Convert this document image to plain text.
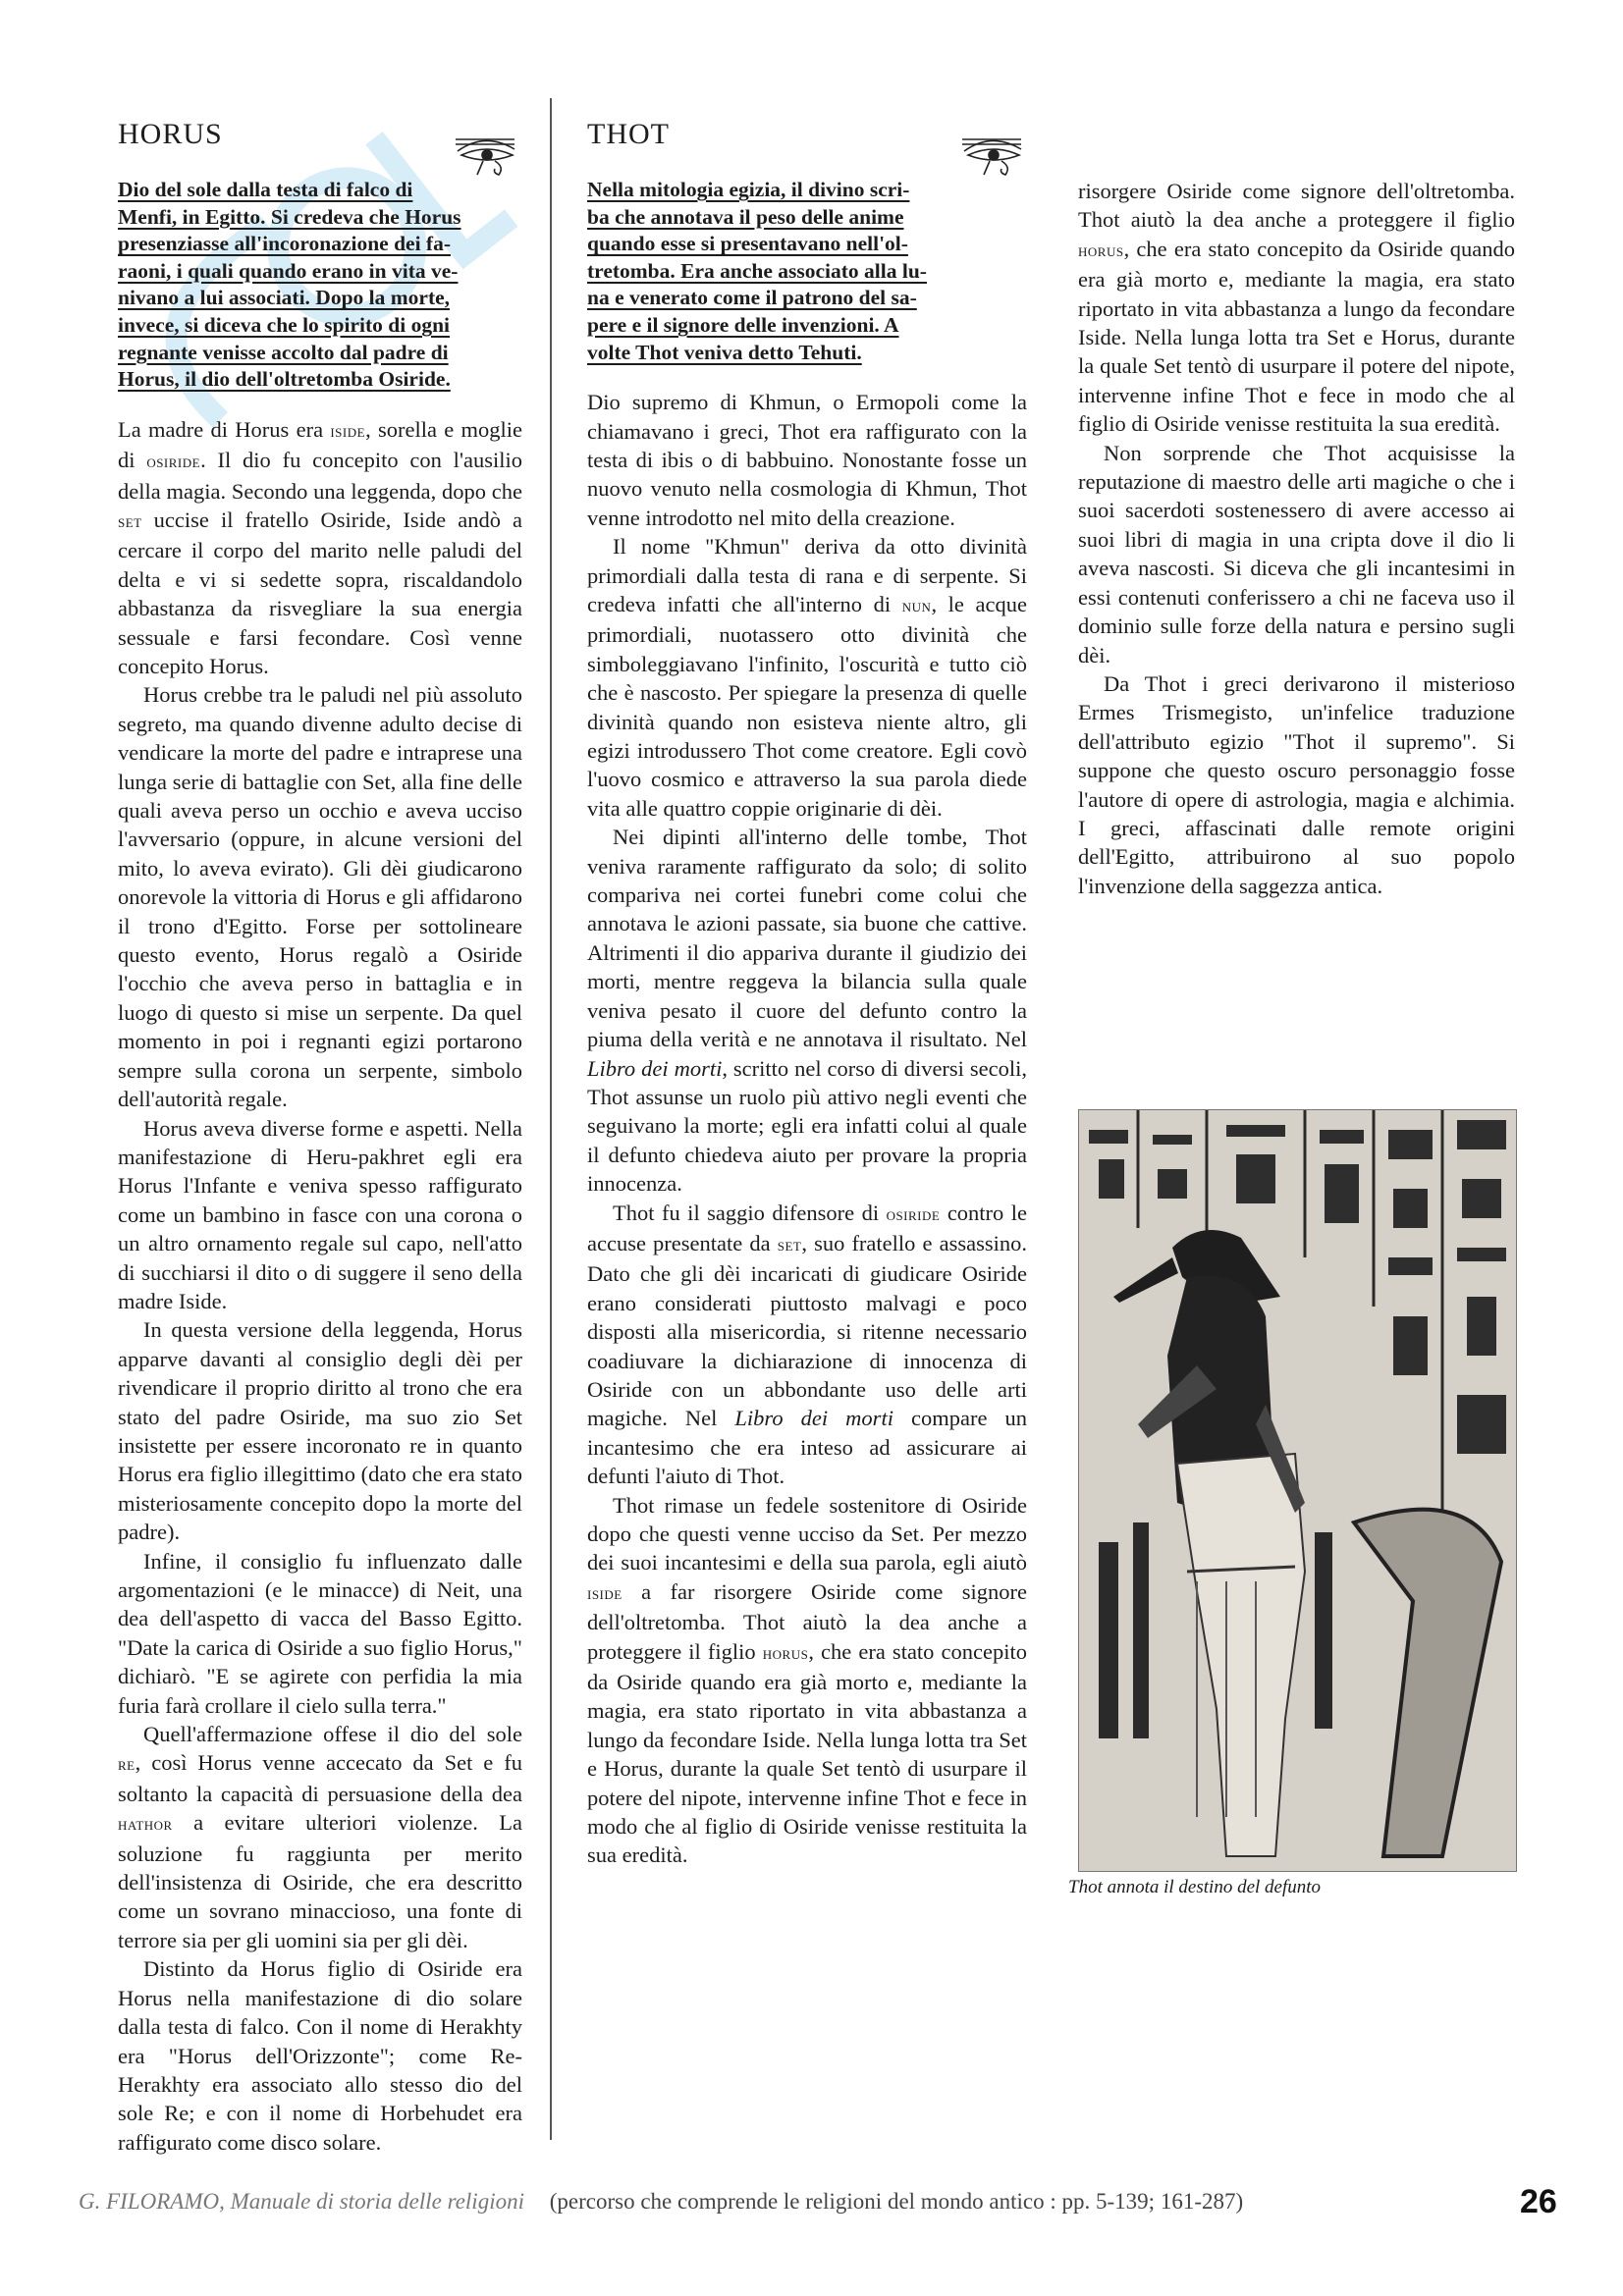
HORUS
Dio del sole dalla testa di falco di
Menfi, in Egitto. Si credeva che Horus
presenziasse all'incoronazione dei fa-
raoni, i quali quando erano in vita ve-
nivano a lui associati. Dopo la morte,
invece, si diceva che lo spirito di ogni
regnante venisse accolto dal padre di
Horus, il dio dell'oltretomba Osiride.

La madre di Horus era iside, sorella e moglie di osiride. Il dio fu concepito con l'ausilio della magia. Secondo una leggenda, dopo che set uccise il fratello Osiride, Iside andò a cercare il corpo del marito nelle paludi del delta e vi si sedette sopra, riscaldandolo abbastanza da risvegliare la sua energia sessuale e farsi fecondare. Così venne concepito Horus.

Horus crebbe tra le paludi nel più assoluto segreto, ma quando divenne adulto decise di vendicare la morte del padre e intraprese una lunga serie di battaglie con Set, alla fine delle quali aveva perso un occhio e aveva ucciso l'avversario (oppure, in alcune versioni del mito, lo aveva evirato). Gli dèi giudicarono onorevole la vittoria di Horus e gli affidarono il trono d'Egitto. Forse per sottolineare questo evento, Horus regalò a Osiride l'occhio che aveva perso in battaglia e in luogo di questo si mise un serpente. Da quel momento in poi i regnanti egizi portarono sempre sulla corona un serpente, simbolo dell'autorità regale.

Horus aveva diverse forme e aspetti. Nella manifestazione di Heru-pakhret egli era Horus l'Infante e veniva spesso raffigurato come un bambino in fasce con una corona o un altro ornamento regale sul capo, nell'atto di succhiarsi il dito o di suggere il seno della madre Iside.

In questa versione della leggenda, Horus apparve davanti al consiglio degli dèi per rivendicare il proprio diritto al trono che era stato del padre Osiride, ma suo zio Set insistette per essere incoronato re in quanto Horus era figlio illegittimo (dato che era stato misteriosamente concepito dopo la morte del padre).

Infine, il consiglio fu influenzato dalle argomentazioni (e le minacce) di Neit, una dea dell'aspetto di vacca del Basso Egitto. "Date la carica di Osiride a suo figlio Horus," dichiarò. "E se agirete con perfidia la mia furia farà crollare il cielo sulla terra."

Quell'affermazione offese il dio del sole re, così Horus venne accecato da Set e fu soltanto la capacità di persuasione della dea hathor a evitare ulteriori violenze. La soluzione fu raggiunta per merito dell'insistenza di Osiride, che era descritto come un sovrano minaccioso, una fonte di terrore sia per gli uomini sia per gli dèi.

Distinto da Horus figlio di Osiride era Horus nella manifestazione di dio solare dalla testa di falco. Con il nome di Herakhty era "Horus dell'Orizzonte"; come Re-Herakhty era associato allo stesso dio del sole Re; e con il nome di Horbehudet era raffigurato come disco solare.

THOT
Nella mitologia egizia, il divino scri-
ba che annotava il peso delle anime
quando esse si presentavano nell'ol-
tretomba. Era anche associato alla lu-
na e venerato come il patrono del sa-
pere e il signore delle invenzioni. A
volte Thot veniva detto Tehuti.

Dio supremo di Khmun, o Ermopoli come la chiamavano i greci, Thot era raffigurato con la testa di ibis o di babbuino. Nonostante fosse un nuovo venuto nella cosmologia di Khmun, Thot venne introdotto nel mito della creazione.

Il nome "Khmun" deriva da otto divinità primordiali dalla testa di rana e di serpente. Si credeva infatti che all'interno di nun, le acque primordiali, nuotassero otto divinità che simboleggiavano l'infinito, l'oscurità e tutto ciò che è nascosto. Per spiegare la presenza di quelle divinità quando non esisteva niente altro, gli egizi introdussero Thot come creatore. Egli covò l'uovo cosmico e attraverso la sua parola diede vita alle quattro coppie originarie di dèi.

Nei dipinti all'interno delle tombe, Thot veniva raramente raffigurato da solo; di solito compariva nei cortei funebri come colui che annotava le azioni passate, sia buone che cattive. Altrimenti il dio appariva durante il giudizio dei morti, mentre reggeva la bilancia sulla quale veniva pesato il cuore del defunto contro la piuma della verità e ne annotava il risultato. Nel Libro dei morti, scritto nel corso di diversi secoli, Thot assunse un ruolo più attivo negli eventi che seguivano la morte; egli era infatti colui al quale il defunto chiedeva aiuto per provare la propria innocenza.

Thot fu il saggio difensore di osiride contro le accuse presentate da set, suo fratello e assassino. Dato che gli dèi incaricati di giudicare Osiride erano considerati piuttosto malvagi e poco disposti alla misericordia, si ritenne necessario coadiuvare la dichiarazione di innocenza di Osiride con un abbondante uso delle arti magiche. Nel Libro dei morti compare un incantesimo che era inteso ad assicurare ai defunti l'aiuto di Thot.

Thot rimase un fedele sostenitore di Osiride dopo che questi venne ucciso da Set. Per mezzo dei suoi incantesimi e della sua parola, egli aiutò iside a far risorgere Osiride come signore dell'oltretomba. Thot aiutò la dea anche a proteggere il figlio horus, che era stato concepito da Osiride quando era già morto e, mediante la magia, era stato riportato in vita abbastanza a lungo da fecondare Iside. Nella lunga lotta tra Set e Horus, durante la quale Set tentò di usurpare il potere del nipote, intervenne infine Thot e fece in modo che al figlio di Osiride venisse restituita la sua eredità.

risorgere Osiride come signore dell'oltretomba. Thot aiutò la dea anche a proteggere il figlio horus, che era stato concepito da Osiride quando era già morto e, mediante la magia, era stato riportato in vita abbastanza a lungo da fecondare Iside. Nella lunga lotta tra Set e Horus, durante la quale Set tentò di usurpare il potere del nipote, intervenne infine Thot e fece in modo che al figlio di Osiride venisse restituita la sua eredità.

Non sorprende che Thot acquisisse la reputazione di maestro delle arti magiche o che i suoi sacerdoti sostenessero di avere accesso ai suoi libri di magia in una cripta dove il dio li aveva nascosti. Si diceva che gli incantesimi in essi contenuti conferissero a chi ne faceva uso il dominio sulle forze della natura e persino sugli dèi.

Da Thot i greci derivarono il misterioso Ermes Trismegisto, un'infelice traduzione dell'attributo egizio "Thot il supremo". Si suppone che questo oscuro personaggio fosse l'autore di opere di astrologia, magia e alchimia. I greci, affascinati dalle remote origini dell'Egitto, attribuirono al suo popolo l'invenzione della saggezza antica.

Thot annota il destino del defunto
G. FILORAMO, Manuale di storia delle religioni (percorso che comprende le religioni del mondo antico : pp. 5-139; 161-287)	26
